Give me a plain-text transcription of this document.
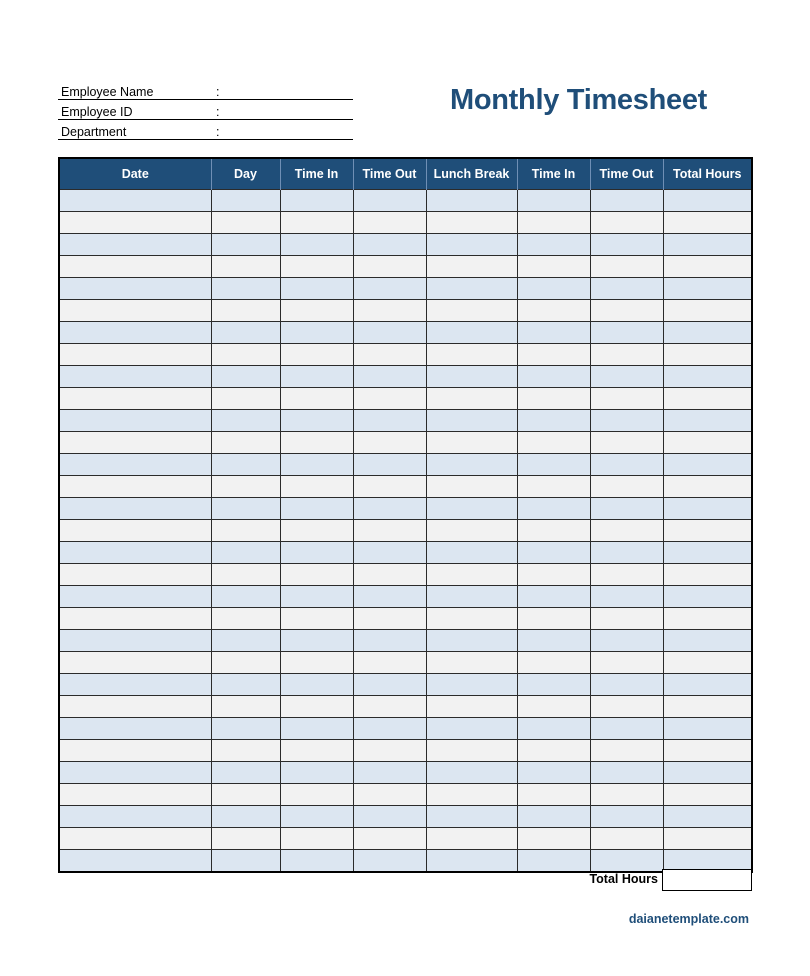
Employee Name	:
Employee ID	:
Department	:
Monthly Timesheet
Date	Day	Time In	Time Out	Lunch Break	Time In	Time Out	Total Hours

Total Hours
daianetemplate.com
